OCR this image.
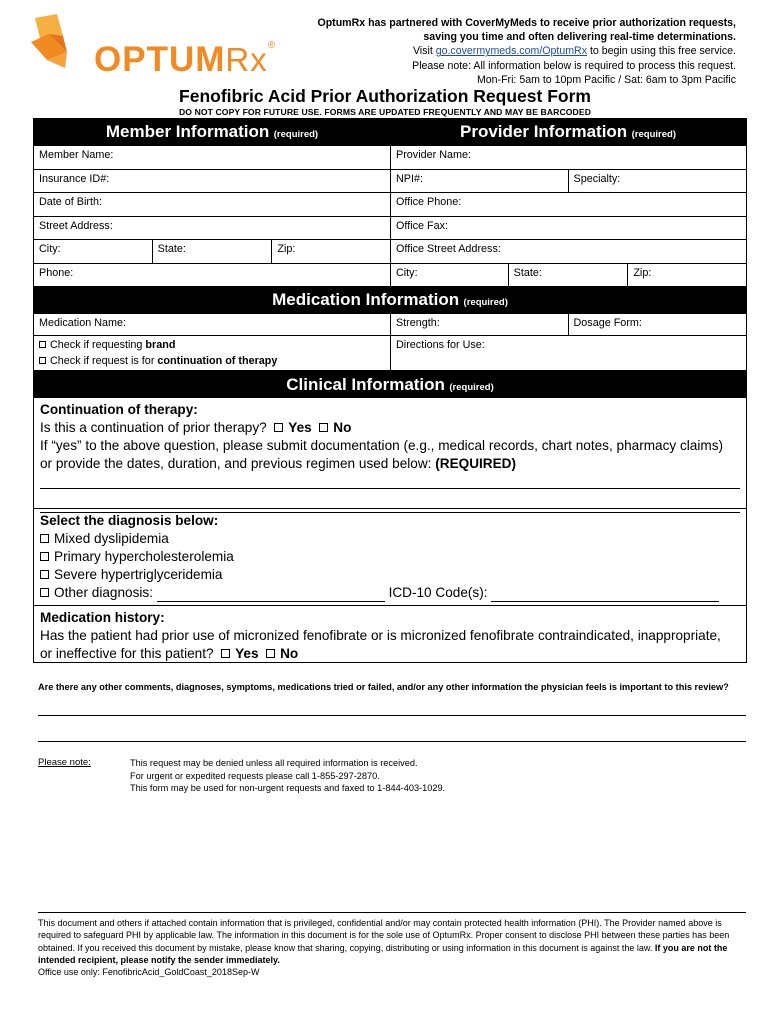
OPTUMRx®
OptumRx has partnered with CoverMyMeds to receive prior authorization requests,
saving you time and often delivering real-time determinations.
Visit go.covermymeds.com/OptumRx to begin using this free service.
Please note: All information below is required to process this request.
Mon-Fri: 5am to 10pm Pacific / Sat: 6am to 3pm Pacific
Fenofibric Acid Prior Authorization Request Form
DO NOT COPY FOR FUTURE USE. FORMS ARE UPDATED FREQUENTLY AND MAY BE BARCODED
Member Information (required)	Provider Information (required)
Member Name:	Provider Name:
Insurance ID#:	NPI#:	Specialty:
Date of Birth:	Office Phone:
Street Address:	Office Fax:
City:	State:	Zip:	Office Street Address:
Phone:	City:	State:	Zip:
Medication Information (required)
Medication Name:	Strength:	Dosage Form:
Check if requesting brand
Check if request is for continuation of therapy
Directions for Use:
Clinical Information (required)
Continuation of therapy:
Is this a continuation of prior therapy? Yes No
If “yes” to the above question, please submit documentation (e.g., medical records, chart notes, pharmacy claims)
or provide the dates, duration, and previous regimen used below: (REQUIRED)
Select the diagnosis below:
Mixed dyslipidemia
Primary hypercholesterolemia
Severe hypertriglyceridemia
Other diagnosis:	ICD-10 Code(s):
Medication history:
Has the patient had prior use of micronized fenofibrate or is micronized fenofibrate contraindicated, inappropriate,
or ineffective for this patient? Yes No
Are there any other comments, diagnoses, symptoms, medications tried or failed, and/or any other information the physician feels is important to this review?
Please note:	This request may be denied unless all required information is received.
For urgent or expedited requests please call 1-855-297-2870.
This form may be used for non-urgent requests and faxed to 1-844-403-1029.
This document and others if attached contain information that is privileged, confidential and/or may contain protected health information (PHI). The Provider named above is required to safeguard PHI by applicable law. The information in this document is for the sole use of OptumRx. Proper consent to disclose PHI between these parties has been obtained. If you received this document by mistake, please know that sharing, copying, distributing or using information in this document is against the law. If you are not the intended recipient, please notify the sender immediately.
Office use only: FenofibricAcid_GoldCoast_2018Sep-W
